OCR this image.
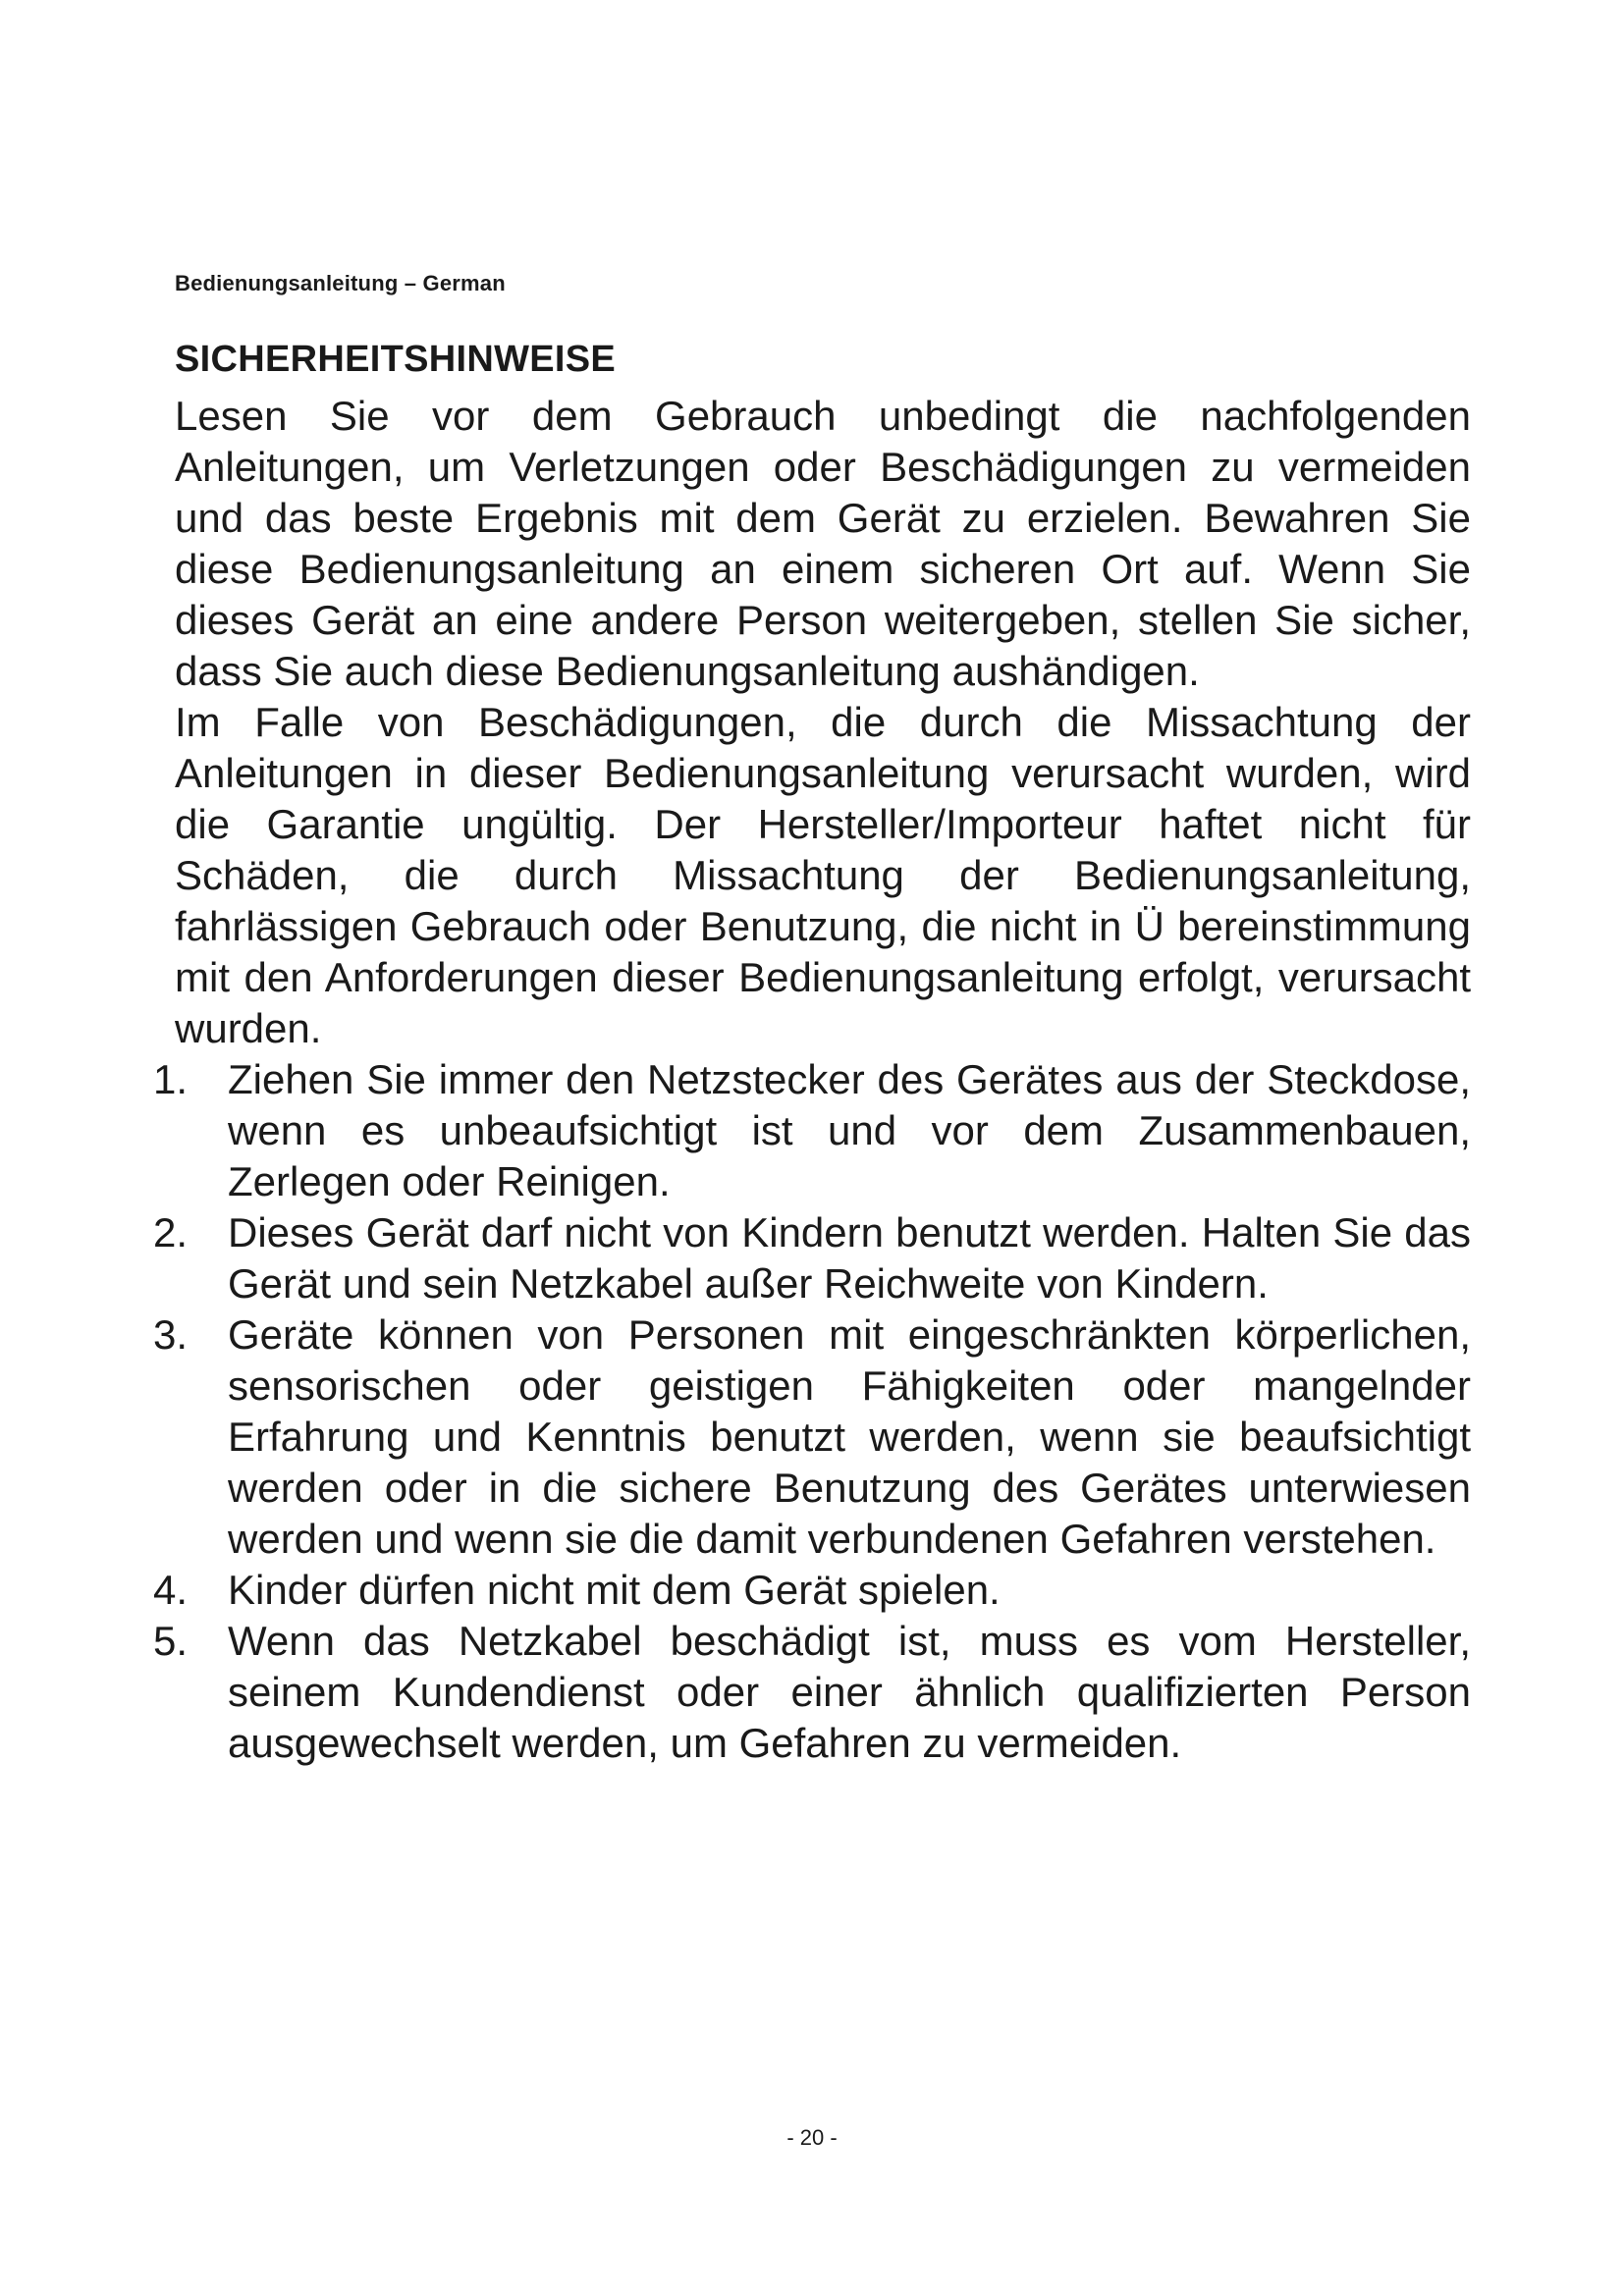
Bedienungsanleitung – German
SICHERHEITSHINWEISE

Lesen Sie vor dem Gebrauch unbedingt die nachfolgenden Anleitungen, um Verletzungen oder Beschädigungen zu vermeiden und das beste Ergebnis mit dem Gerät zu erzielen. Bewahren Sie diese Bedienungsanleitung an einem sicheren Ort auf. Wenn Sie dieses Gerät an eine andere Person weitergeben, stellen Sie sicher, dass Sie auch diese Bedienungsanleitung aushändigen.

Im Falle von Beschädigungen, die durch die Missachtung der Anleitungen in dieser Bedienungsanleitung verursacht wurden, wird die Garantie ungültig. Der Hersteller/Importeur haftet nicht für Schäden, die durch Missachtung der Bedienungsanleitung, fahrlässigen Gebrauch oder Benutzung, die nicht in Ü bereinstimmung mit den Anforderungen dieser Bedienungsanleitung erfolgt, verursacht wurden.

1. Ziehen Sie immer den Netzstecker des Gerätes aus der Steckdose, wenn es unbeaufsichtigt ist und vor dem Zusammenbauen, Zerlegen oder Reinigen.
2. Dieses Gerät darf nicht von Kindern benutzt werden. Halten Sie das Gerät und sein Netzkabel außer Reichweite von Kindern.
3. Geräte können von Personen mit eingeschränkten körperlichen, sensorischen oder geistigen Fähigkeiten oder mangelnder Erfahrung und Kenntnis benutzt werden, wenn sie beaufsichtigt werden oder in die sichere Benutzung des Gerätes unterwiesen werden und wenn sie die damit verbundenen Gefahren verstehen.
4. Kinder dürfen nicht mit dem Gerät spielen.
5. Wenn das Netzkabel beschädigt ist, muss es vom Hersteller, seinem Kundendienst oder einer ähnlich qualifizierten Person ausgewechselt werden, um Gefahren zu vermeiden.
- 20 -
